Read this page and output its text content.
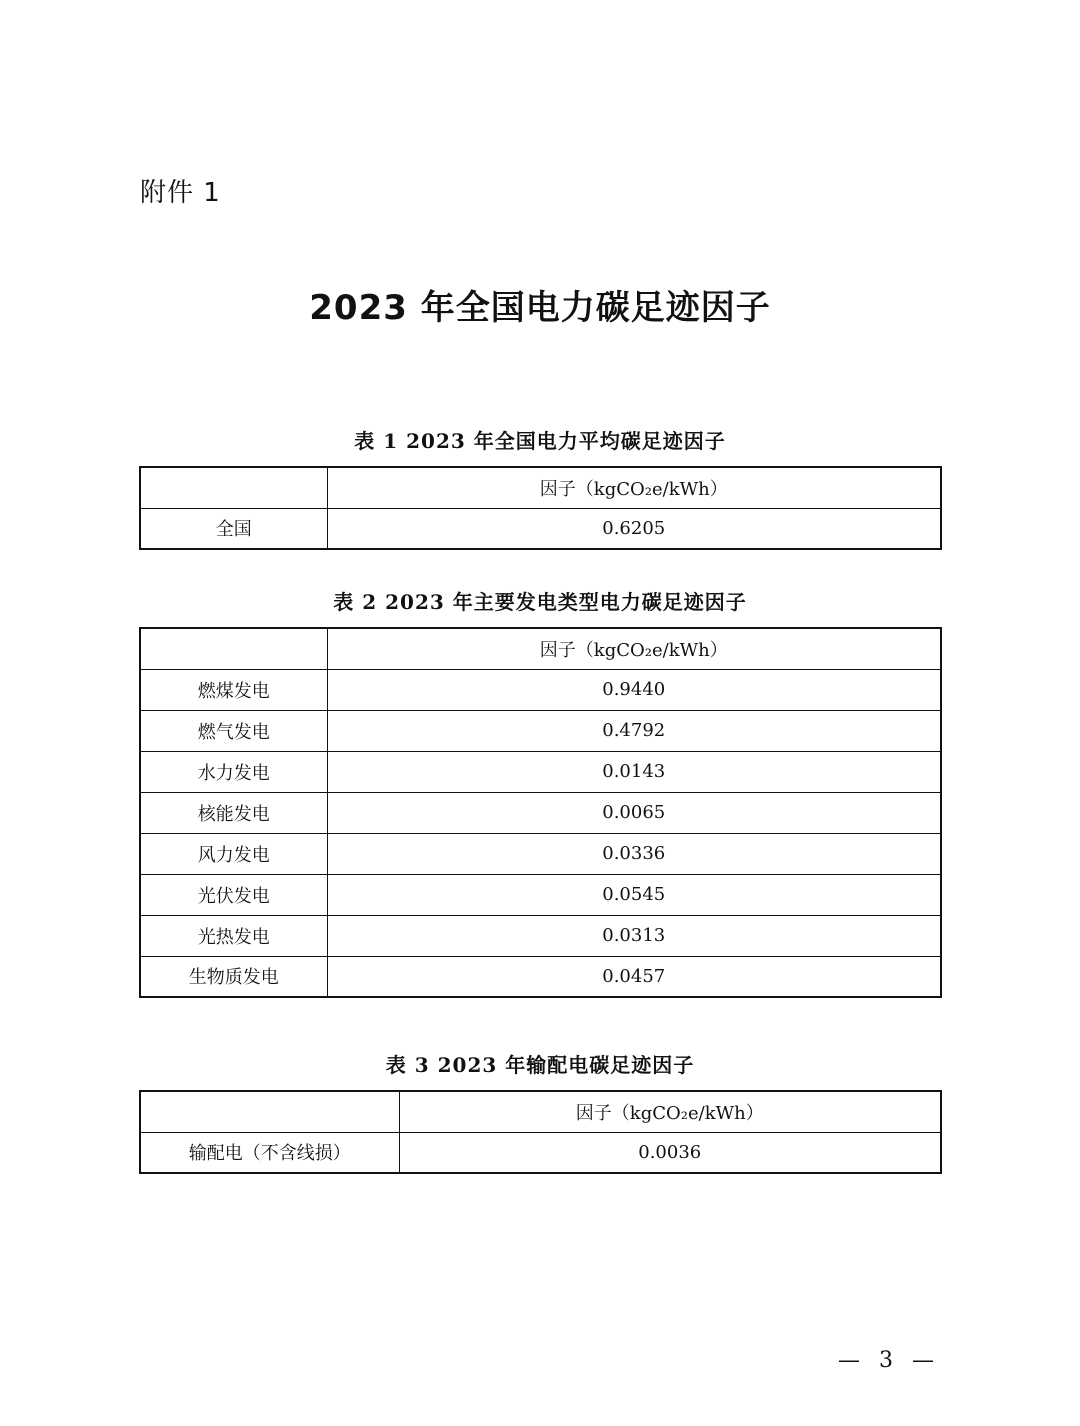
附件 1
2023 年全国电力碳足迹因子
表 1 2023 年全国电力平均碳足迹因子
	因子（kgCO₂e/kWh）
全国	0.6205
表 2 2023 年主要发电类型电力碳足迹因子
	因子（kgCO₂e/kWh）
燃煤发电	0.9440
燃气发电	0.4792
水力发电	0.0143
核能发电	0.0065
风力发电	0.0336
光伏发电	0.0545
光热发电	0.0313
生物质发电	0.0457
表 3 2023 年输配电碳足迹因子
	因子（kgCO₂e/kWh）
输配电（不含线损）	0.0036
— 3 —
